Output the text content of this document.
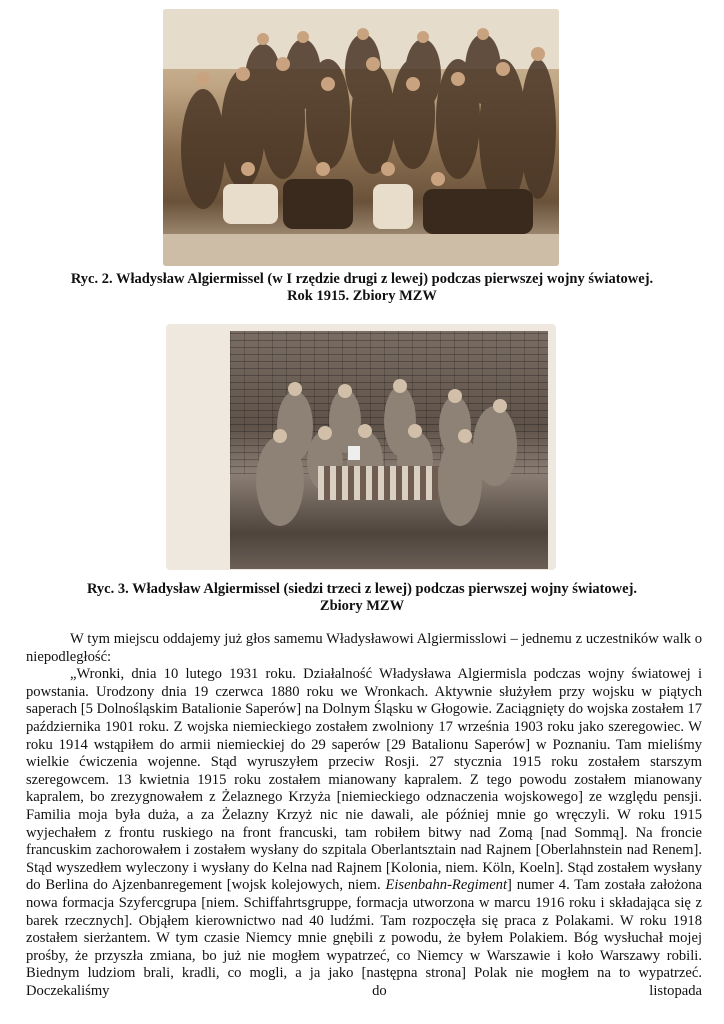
Ryc. 2. Władysław Algiermissel (w I rzędzie drugi z lewej) podczas pierwszej wojny światowej.
Rok 1915. Zbiory MZW
Ryc. 3. Władysław Algiermissel (siedzi trzeci z lewej) podczas pierwszej wojny światowej.
Zbiory MZW

W tym miejscu oddajemy już głos samemu Władysławowi Algiermisslowi – jednemu z uczestników walk o niepodległość:

„Wronki, dnia 10 lutego 1931 roku. Działalność Władysława Algiermisla podczas wojny światowej i powstania. Urodzony dnia 19 czerwca 1880 roku we Wronkach. Aktywnie służyłem przy wojsku w piątych saperach [5 Dolnośląskim Batalionie Saperów] na Dolnym Śląsku w Głogowie. Zaciągnięty do wojska zostałem 17 października 1901 roku. Z wojska niemieckiego zostałem zwolniony 17 września 1903 roku jako szeregowiec. W roku 1914 wstąpiłem do armii niemieckiej do 29 saperów [29 Batalionu Saperów] w Poznaniu. Tam mieliśmy wielkie ćwiczenia wojenne. Stąd wyruszyłem przeciw Rosji. 27 stycznia 1915 roku zostałem starszym szeregowcem. 13 kwietnia 1915 roku zostałem mianowany kapralem. Z tego powodu zostałem mianowany kapralem, bo zrezygnowałem z Żelaznego Krzyża [niemieckiego odznaczenia wojskowego] ze względu pensji. Familia moja była duża, a za Żelazny Krzyż nic nie dawali, ale później mnie go wręczyli. W roku 1915 wyjechałem z frontu ruskiego na front francuski, tam robiłem bitwy nad Zomą [nad Sommą]. Na froncie francuskim zachorowałem i zostałem wysłany do szpitala Oberlantsztain nad Rajnem [Oberlahnstein nad Renem]. Stąd wyszedłem wyleczony i wysłany do Kelna nad Rajnem [Kolonia, niem. Köln, Koeln]. Stąd zostałem wysłany do Berlina do Ajzenbanregement [wojsk kolejowych, niem. Eisenbahn-Regiment] numer 4. Tam została założona nowa formacja Szyfercgrupa [niem. Schiffahrtsgruppe, formacja utworzona w marcu 1916 roku i składająca się z barek rzecznych]. Objąłem kierownictwo nad 40 ludźmi. Tam rozpoczęła się praca z Polakami. W roku 1918 zostałem sierżantem. W tym czasie Niemcy mnie gnębili z powodu, że byłem Polakiem. Bóg wysłuchał mojej prośby, że przyszła zmiana, bo już nie mogłem wypatrzeć, co Niemcy w Warszawie i koło Warszawy robili. Biednym ludziom brali, kradli, co mogli, a ja jako [następna strona] Polak nie mogłem na to wypatrzeć. Doczekaliśmy do listopada
